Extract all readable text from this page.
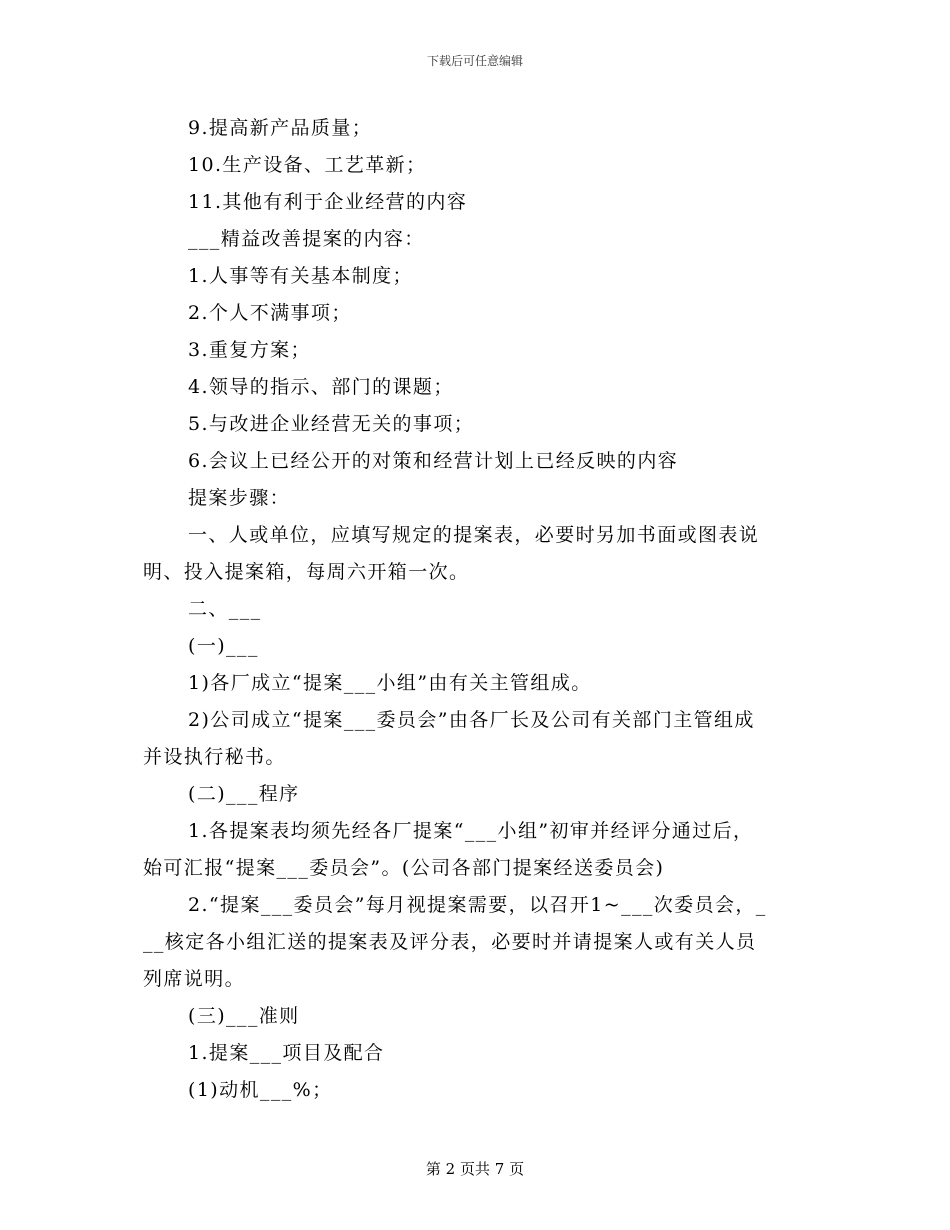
下载后可任意编辑
9.提高新产品质量；
10.生产设备、工艺革新；
11.其他有利于企业经营的内容
___精益改善提案的内容：
1.人事等有关基本制度；
2.个人不满事项；
3.重复方案；
4.领导的指示、部门的课题；
5.与改进企业经营无关的事项；
6.会议上已经公开的对策和经营计划上已经反映的内容
提案步骤：
一、人或单位，应填写规定的提案表，必要时另加书面或图表说
明、投入提案箱，每周六开箱一次。
二、___
(一)___
1)各厂成立“提案___小组”由有关主管组成。
2)公司成立“提案___委员会”由各厂长及公司有关部门主管组成
并设执行秘书。
(二)___程序
1.各提案表均须先经各厂提案“___小组”初审并经评分通过后，
始可汇报“提案___委员会”。(公司各部门提案经送委员会)
2.“提案___委员会”每月视提案需要，以召开1~___次委员会，_
__核定各小组汇送的提案表及评分表，必要时并请提案人或有关人员
列席说明。
(三)___准则
1.提案___项目及配合
(1)动机___%；
第 2 页共 7 页
